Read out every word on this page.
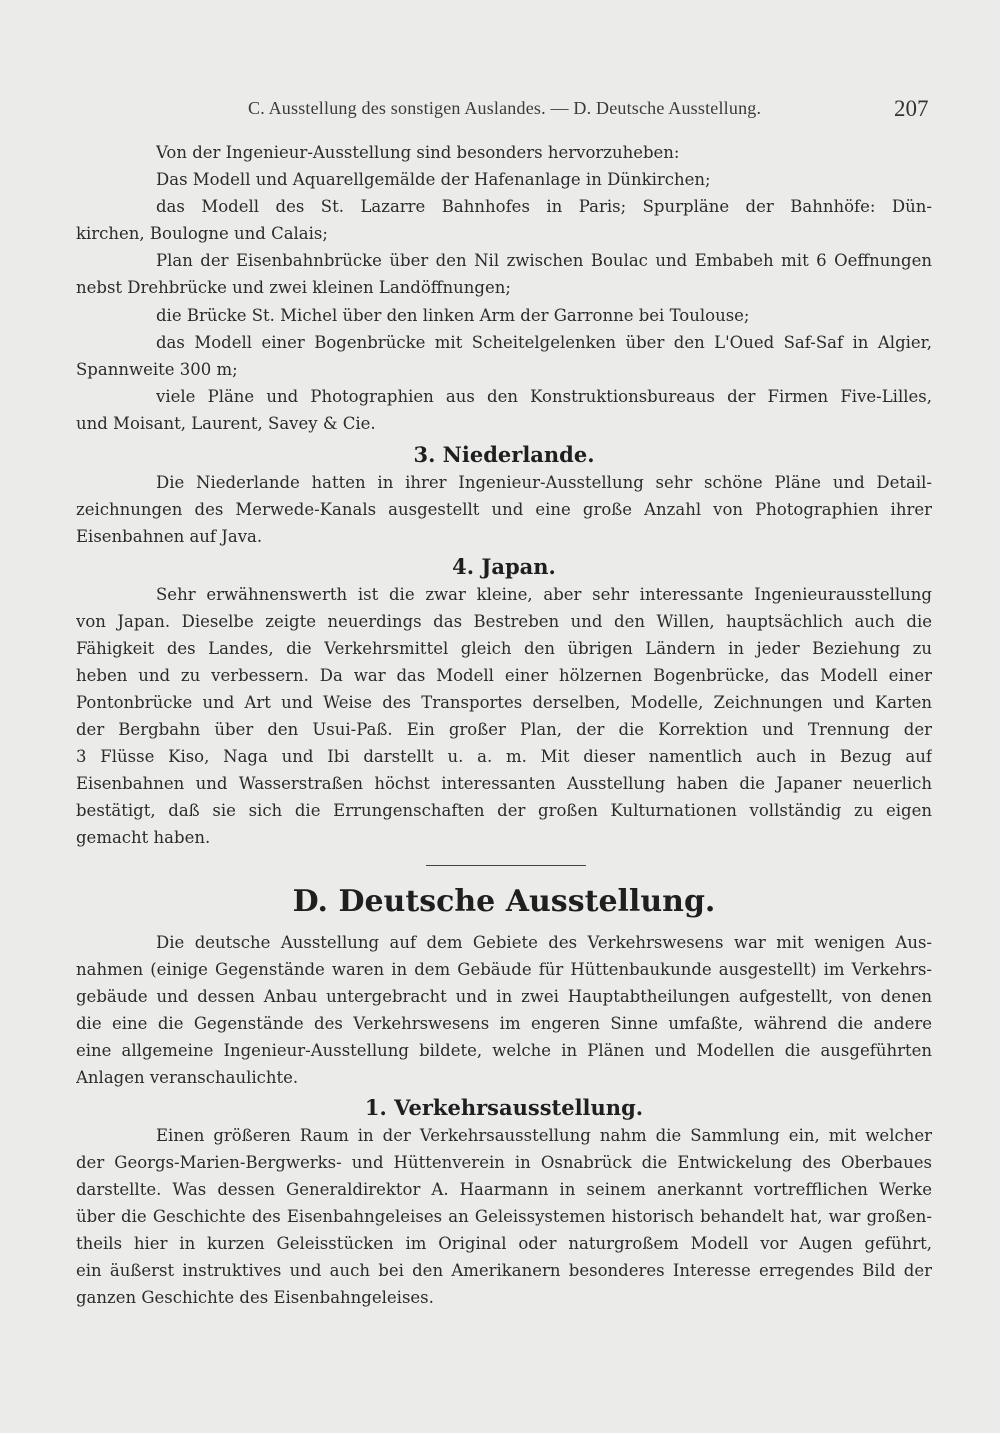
C. Ausstellung des sonstigen Auslandes. — D. Deutsche Ausstellung.	207
Von der Ingenieur-Ausstellung sind besonders hervorzuheben:
Das Modell und Aquarellgemälde der Hafenanlage in Dünkirchen;
das Modell des St. Lazarre Bahnhofes in Paris; Spurpläne der Bahnhöfe: Dün-
kirchen, Boulogne und Calais;
Plan der Eisenbahnbrücke über den Nil zwischen Boulac und Embabeh mit 6 Oeffnungen
nebst Drehbrücke und zwei kleinen Landöffnungen;
die Brücke St. Michel über den linken Arm der Garronne bei Toulouse;
das Modell einer Bogenbrücke mit Scheitelgelenken über den L'Oued Saf-Saf in Algier,
Spannweite 300 m;
viele Pläne und Photographien aus den Konstruktionsbureaus der Firmen Five-Lilles,
und Moisant, Laurent, Savey & Cie.
3. Niederlande.
Die Niederlande hatten in ihrer Ingenieur-Ausstellung sehr schöne Pläne und Detail-
zeichnungen des Merwede-Kanals ausgestellt und eine große Anzahl von Photographien ihrer
Eisenbahnen auf Java.
4. Japan.
Sehr erwähnenswerth ist die zwar kleine, aber sehr interessante Ingenieurausstellung
von Japan. Dieselbe zeigte neuerdings das Bestreben und den Willen, hauptsächlich auch die
Fähigkeit des Landes, die Verkehrsmittel gleich den übrigen Ländern in jeder Beziehung zu
heben und zu verbessern. Da war das Modell einer hölzernen Bogenbrücke, das Modell einer
Pontonbrücke und Art und Weise des Transportes derselben, Modelle, Zeichnungen und Karten
der Bergbahn über den Usui-Paß. Ein großer Plan, der die Korrektion und Trennung der
3 Flüsse Kiso, Naga und Ibi darstellt u. a. m. Mit dieser namentlich auch in Bezug auf
Eisenbahnen und Wasserstraßen höchst interessanten Ausstellung haben die Japaner neuerlich
bestätigt, daß sie sich die Errungenschaften der großen Kulturnationen vollständig zu eigen
gemacht haben.
D. Deutsche Ausstellung.
Die deutsche Ausstellung auf dem Gebiete des Verkehrswesens war mit wenigen Aus-
nahmen (einige Gegenstände waren in dem Gebäude für Hüttenbaukunde ausgestellt) im Verkehrs-
gebäude und dessen Anbau untergebracht und in zwei Hauptabtheilungen aufgestellt, von denen
die eine die Gegenstände des Verkehrswesens im engeren Sinne umfaßte, während die andere
eine allgemeine Ingenieur-Ausstellung bildete, welche in Plänen und Modellen die ausgeführten
Anlagen veranschaulichte.
1. Verkehrsausstellung.
Einen größeren Raum in der Verkehrsausstellung nahm die Sammlung ein, mit welcher
der Georgs-Marien-Bergwerks- und Hüttenverein in Osnabrück die Entwickelung des Oberbaues
darstellte. Was dessen Generaldirektor A. Haarmann in seinem anerkannt vortrefflichen Werke
über die Geschichte des Eisenbahngeleises an Geleissystemen historisch behandelt hat, war großen-
theils hier in kurzen Geleisstücken im Original oder naturgroßem Modell vor Augen geführt,
ein äußerst instruktives und auch bei den Amerikanern besonderes Interesse erregendes Bild der
ganzen Geschichte des Eisenbahngeleises.
